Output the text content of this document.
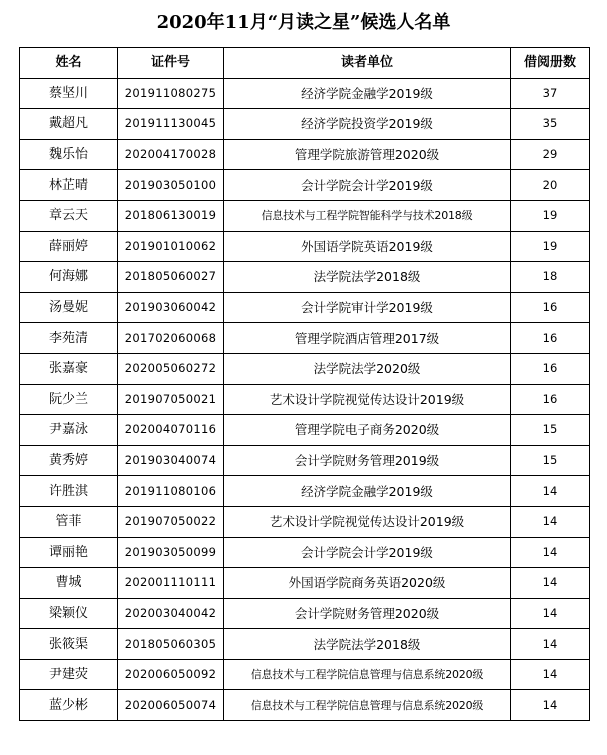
2020年11月“月读之星”候选人名单
姓名	证件号	读者单位	借阅册数
蔡坚川	201911080275	经济学院金融学2019级	37
戴超凡	201911130045	经济学院投资学2019级	35
魏乐怡	202004170028	管理学院旅游管理2020级	29
林芷晴	201903050100	会计学院会计学2019级	20
章云天	201806130019	信息技术与工程学院智能科学与技术2018级	19
薛丽婷	201901010062	外国语学院英语2019级	19
何海娜	201805060027	法学院法学2018级	18
汤曼妮	201903060042	会计学院审计学2019级	16
李苑清	201702060068	管理学院酒店管理2017级	16
张嘉豪	202005060272	法学院法学2020级	16
阮少兰	201907050021	艺术设计学院视觉传达设计2019级	16
尹嘉泳	202004070116	管理学院电子商务2020级	15
黄秀婷	201903040074	会计学院财务管理2019级	15
许胜淇	201911080106	经济学院金融学2019级	14
管菲	201907050022	艺术设计学院视觉传达设计2019级	14
谭丽艳	201903050099	会计学院会计学2019级	14
曹城	202001110111	外国语学院商务英语2020级	14
梁颖仪	202003040042	会计学院财务管理2020级	14
张筱渠	201805060305	法学院法学2018级	14
尹建荧	202006050092	信息技术与工程学院信息管理与信息系统2020级	14
蓝少彬	202006050074	信息技术与工程学院信息管理与信息系统2020级	14
